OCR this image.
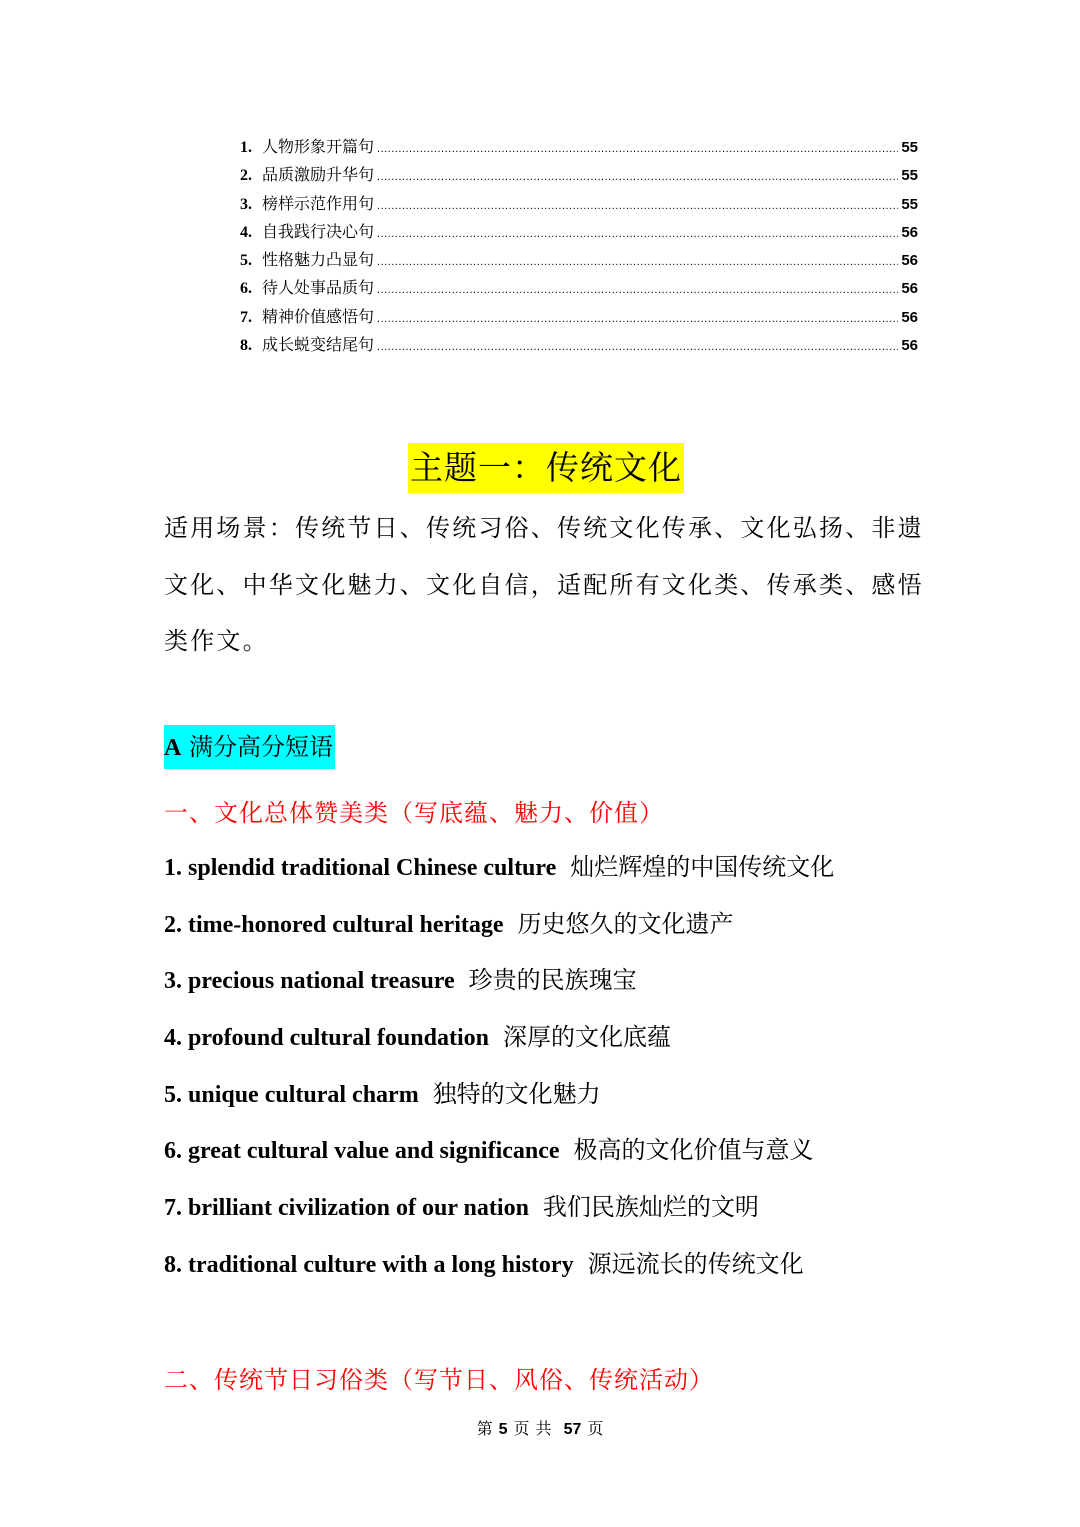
1. 人物形象开篇句 .....	55
2. 品质激励升华句 .....	55
3. 榜样示范作用句 .....	55
4. 自我践行决心句 .....	56
5. 性格魅力凸显句 .....	56
6. 待人处事品质句 .....	56
7. 精神价值感悟句 .....	56
8. 成长蜕变结尾句 .....	56
主题一：传统文化
适用场景：传统节日、传统习俗、传统文化传承、文化弘扬、非遗文化、中华文化魅力、文化自信，适配所有文化类、传承类、感悟类作文。
A 满分高分短语
一、文化总体赞美类（写底蕴、魅力、价值）
1. splendid traditional Chinese culture 灿烂辉煌的中国传统文化
2. time-honored cultural heritage 历史悠久的文化遗产
3. precious national treasure 珍贵的民族瑰宝
4. profound cultural foundation 深厚的文化底蕴
5. unique cultural charm 独特的文化魅力
6. great cultural value and significance 极高的文化价值与意义
7. brilliant civilization of our nation 我们民族灿烂的文明
8. traditional culture with a long history 源远流长的传统文化
二、传统节日习俗类（写节日、风俗、传统活动）
第 5 页 共 57 页
